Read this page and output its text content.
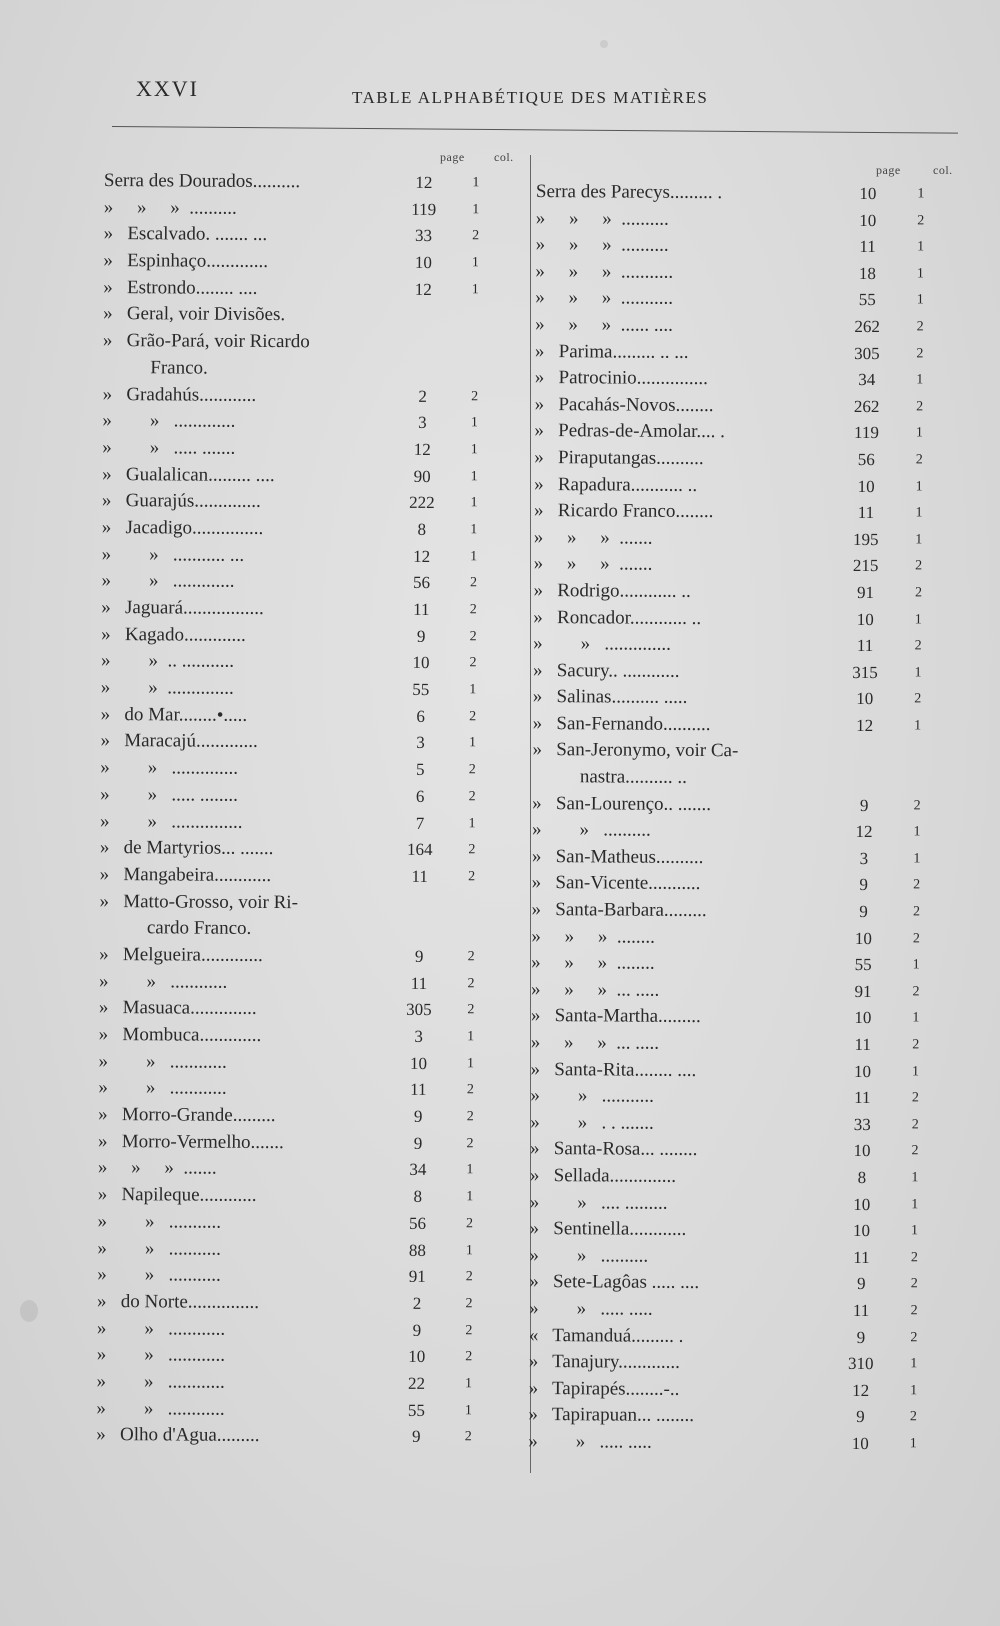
XXVI	TABLE ALPHABÉTIQUE DES MATIÈRES
page col.
page	col.
Serra des Dourados..........	12	1
»     »     »  ..........	119	1
»   Escalvado. ....... ...	33	2
»   Espinhaço.............	10	1
»   Estrondo........ ....	12	1
»   Geral, voir Divisões.
»   Grão-Pará, voir Ricardo
Franco.
»   Gradahús............	2	2
»        »   .............	3	1
»        »   ..... .......	12	1
»   Gualalican......... ....	90	1
»   Guarajús..............	222	1
»   Jacadigo...............	8	1
»        »   ........... ...	12	1
»        »   .............	56	2
»   Jaguará.................	11	2
»   Kagado.............	9	2
»        »  .. ...........	10	2
»        »  ..............	55	1
»   do Mar........•.....	6	2
»   Maracajú.............	3	1
»        »   ..............	5	2
»        »   ..... ........	6	2
»        »   ...............	7	1
»   de Martyrios... .......	164	2
»   Mangabeira............	11	2
»   Matto-Grosso, voir Ri-
cardo Franco.
»   Melgueira.............	9	2
»        »   ............	11	2
»   Masuaca..............	305	2
»   Mombuca.............	3	1
»        »   ............	10	1
»        »   ............	11	2
»   Morro-Grande.........	9	2
»   Morro-Vermelho.......	9	2
»     »     »  .......	34	1
»   Napileque............	8	1
»        »   ...........	56	2
»        »   ...........	88	1
»        »   ...........	91	2
»   do Norte...............	2	2
»        »   ............	9	2
»        »   ............	10	2
»        »   ............	22	1
»        »   ............	55	1
»   Olho d'Agua.........	9	2
Serra des Parecys......... .	10	1
»     »     »  ..........	10	2
»     »     »  ..........	11	1
»     »     »  ...........	18	1
»     »     »  ...........	55	1
»     »     »  ...... ....	262	2
»   Parima......... .. ...	305	2
»   Patrocinio...............	34	1
»   Pacahás-Novos........	262	2
»   Pedras-de-Amolar.... .	119	1
»   Piraputangas..........	56	2
»   Rapadura........... ..	10	1
»   Ricardo Franco........	11	1
»     »     »  .......	195	1
»     »     »  .......	215	2
»   Rodrigo............ ..	91	2
»   Roncador............ ..	10	1
»        »   ..............	11	2
»   Sacury.. ............	315	1
»   Salinas.......... .....	10	2
»   San-Fernando..........	12	1
»   San-Jeronymo, voir Ca-
nastra.......... ..
»   San-Lourenço.. .......	9	2
»        »   ..........	12	1
»   San-Matheus..........	3	1
»   San-Vicente...........	9	2
»   Santa-Barbara.........	9	2
»     »     »  ........	10	2
»     »     »  ........	55	1
»     »     »  ... .....	91	2
»   Santa-Martha.........	10	1
»     »     »  ... .....	11	2
»   Santa-Rita........ ....	10	1
»        »   ...........	11	2
»        »   . . .......	33	2
»   Santa-Rosa... ........	10	2
»   Sellada..............	8	1
»        »   .... .........	10	1
»   Sentinella............	10	1
»        »   ..........	11	2
»   Sete-Lagôas ..... ....	9	2
»        »   ..... .....	11	2
«   Tamanduá......... .	9	2
»   Tanajury.............	310	1
»   Tapirapés........-..	12	1
»   Tapirapuan... ........	9	2
»        »   ..... .....	10	1
